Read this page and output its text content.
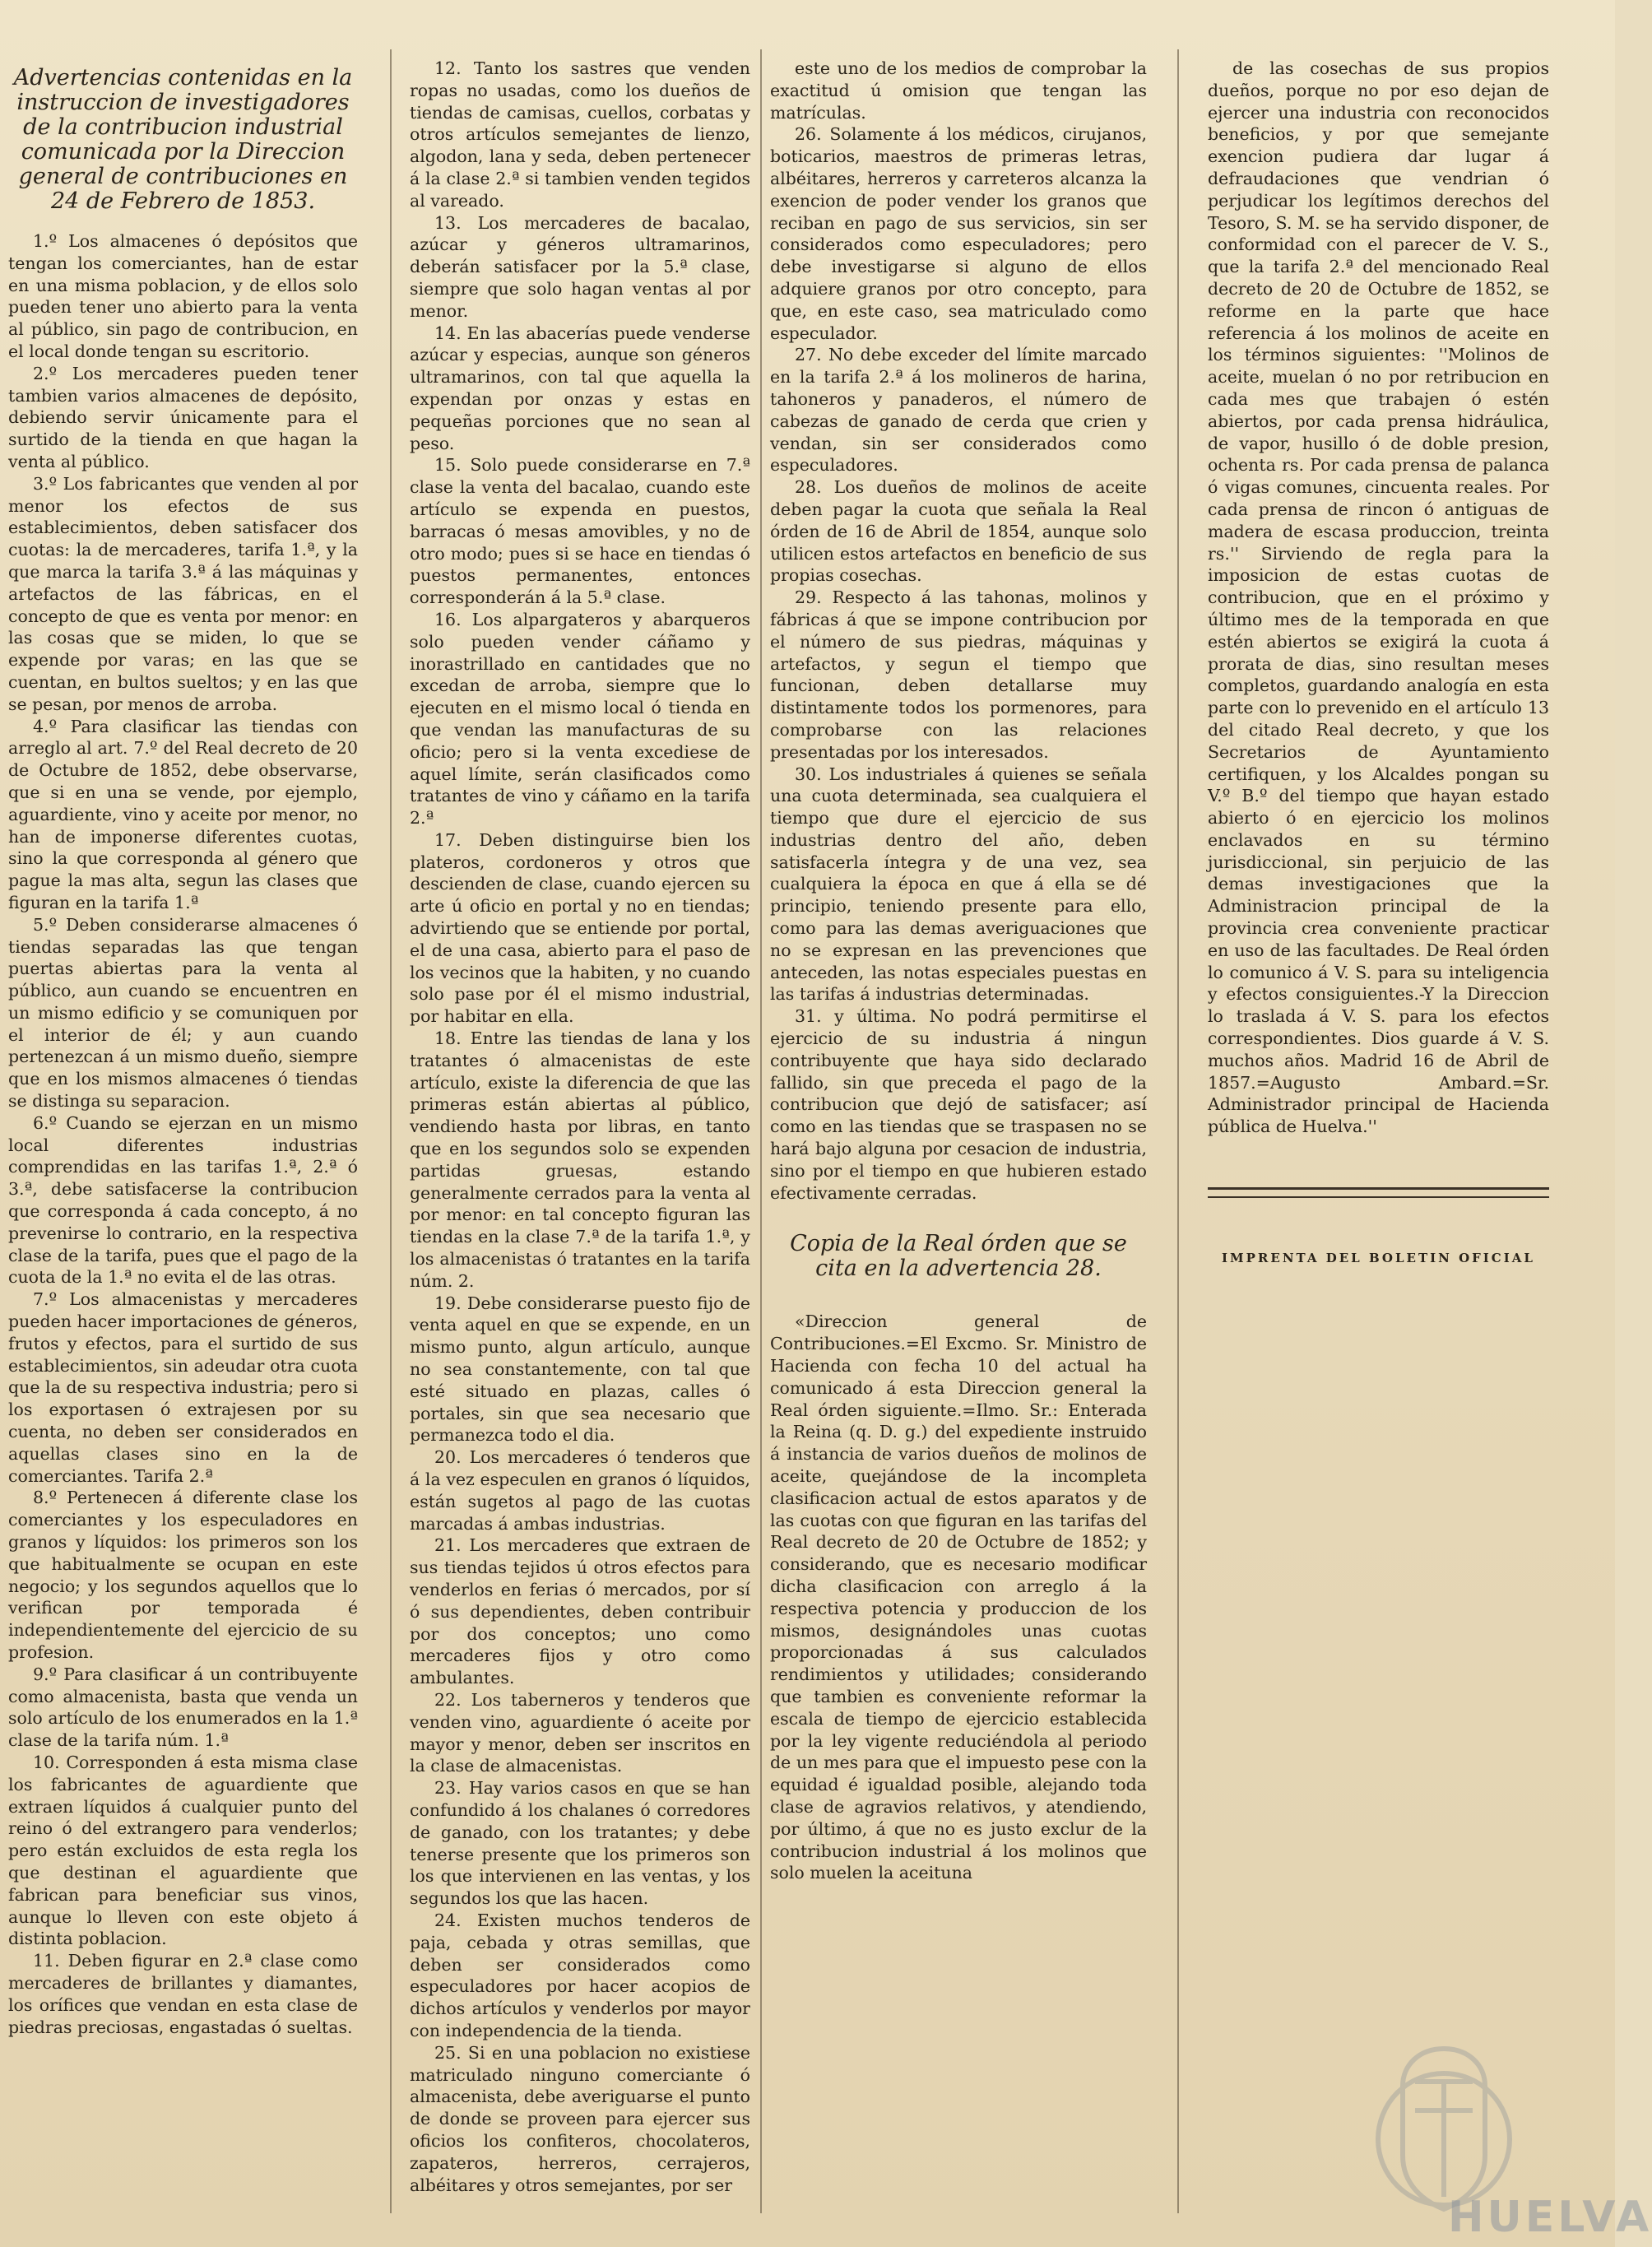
Advertencias contenidas en la instruccion de investigadores de la contribucion industrial comunicada por la Direccion general de contribuciones en 24 de Febrero de 1853.

1.º Los almacenes ó depósitos que tengan los comerciantes, han de estar en una misma poblacion, y de ellos solo pueden tener uno abierto para la venta al público, sin pago de contribucion, en el local donde tengan su escritorio.

2.º Los mercaderes pueden tener tambien varios almacenes de depósito, debiendo servir únicamente para el surtido de la tienda en que hagan la venta al público.

3.º Los fabricantes que venden al por menor los efectos de sus establecimientos, deben satisfacer dos cuotas: la de mercaderes, tarifa 1.ª, y la que marca la tarifa 3.ª á las máquinas y artefactos de las fábricas, en el concepto de que es venta por menor: en las cosas que se miden, lo que se expende por varas; en las que se cuentan, en bultos sueltos; y en las que se pesan, por menos de arroba.

4.º Para clasificar las tiendas con arreglo al art. 7.º del Real decreto de 20 de Octubre de 1852, debe observarse, que si en una se vende, por ejemplo, aguardiente, vino y aceite por menor, no han de imponerse diferentes cuotas, sino la que corresponda al género que pague la mas alta, segun las clases que figuran en la tarifa 1.ª

5.º Deben considerarse almacenes ó tiendas separadas las que tengan puertas abiertas para la venta al público, aun cuando se encuentren en un mismo edificio y se comuniquen por el interior de él; y aun cuando pertenezcan á un mismo dueño, siempre que en los mismos almacenes ó tiendas se distinga su separacion.

6.º Cuando se ejerzan en un mismo local diferentes industrias comprendidas en las tarifas 1.ª, 2.ª ó 3.ª, debe satisfacerse la contribucion que corresponda á cada concepto, á no prevenirse lo contrario, en la respectiva clase de la tarifa, pues que el pago de la cuota de la 1.ª no evita el de las otras.

7.º Los almacenistas y mercaderes pueden hacer importaciones de géneros, frutos y efectos, para el surtido de sus establecimientos, sin adeudar otra cuota que la de su respectiva industria; pero si los exportasen ó extrajesen por su cuenta, no deben ser considerados en aquellas clases sino en la de comerciantes. Tarifa 2.ª

8.º Pertenecen á diferente clase los comerciantes y los especuladores en granos y líquidos: los primeros son los que habitualmente se ocupan en este negocio; y los segundos aquellos que lo verifican por temporada é independientemente del ejercicio de su profesion.

9.º Para clasificar á un contribuyente como almacenista, basta que venda un solo artículo de los enumerados en la 1.ª clase de la tarifa núm. 1.ª

10. Corresponden á esta misma clase los fabricantes de aguardiente que extraen líquidos á cualquier punto del reino ó del extrangero para venderlos; pero están excluidos de esta regla los que destinan el aguardiente que fabrican para beneficiar sus vinos, aunque lo lleven con este objeto á distinta poblacion.

11. Deben figurar en 2.ª clase como mercaderes de brillantes y diamantes, los orífices que vendan en esta clase de piedras preciosas, engastadas ó sueltas.

12. Tanto los sastres que venden ropas no usadas, como los dueños de tiendas de camisas, cuellos, corbatas y otros artículos semejantes de lienzo, algodon, lana y seda, deben pertenecer á la clase 2.ª si tambien venden tegidos al vareado.

13. Los mercaderes de bacalao, azúcar y géneros ultramarinos, deberán satisfacer por la 5.ª clase, siempre que solo hagan ventas al por menor.

14. En las abacerías puede venderse azúcar y especias, aunque son géneros ultramarinos, con tal que aquella la expendan por onzas y estas en pequeñas porciones que no sean al peso.

15. Solo puede considerarse en 7.ª clase la venta del bacalao, cuando este artículo se expenda en puestos, barracas ó mesas amovibles, y no de otro modo; pues si se hace en tiendas ó puestos permanentes, entonces corresponderán á la 5.ª clase.

16. Los alpargateros y abarqueros solo pueden vender cáñamo y inorastrillado en cantidades que no excedan de arroba, siempre que lo ejecuten en el mismo local ó tienda en que vendan las manufacturas de su oficio; pero si la venta excediese de aquel límite, serán clasificados como tratantes de vino y cáñamo en la tarifa 2.ª

17. Deben distinguirse bien los plateros, cordoneros y otros que descienden de clase, cuando ejercen su arte ú oficio en portal y no en tiendas; advirtiendo que se entiende por portal, el de una casa, abierto para el paso de los vecinos que la habiten, y no cuando solo pase por él el mismo industrial, por habitar en ella.

18. Entre las tiendas de lana y los tratantes ó almacenistas de este artículo, existe la diferencia de que las primeras están abiertas al público, vendiendo hasta por libras, en tanto que en los segundos solo se expenden partidas gruesas, estando generalmente cerrados para la venta al por menor: en tal concepto figuran las tiendas en la clase 7.ª de la tarifa 1.ª, y los almacenistas ó tratantes en la tarifa núm. 2.

19. Debe considerarse puesto fijo de venta aquel en que se expende, en un mismo punto, algun artículo, aunque no sea constantemente, con tal que esté situado en plazas, calles ó portales, sin que sea necesario que permanezca todo el dia.

20. Los mercaderes ó tenderos que á la vez especulen en granos ó líquidos, están sugetos al pago de las cuotas marcadas á ambas industrias.

21. Los mercaderes que extraen de sus tiendas tejidos ú otros efectos para venderlos en ferias ó mercados, por sí ó sus dependientes, deben contribuir por dos conceptos; uno como mercaderes fijos y otro como ambulantes.

22. Los taberneros y tenderos que venden vino, aguardiente ó aceite por mayor y menor, deben ser inscritos en la clase de almacenistas.

23. Hay varios casos en que se han confundido á los chalanes ó corredores de ganado, con los tratantes; y debe tenerse presente que los primeros son los que intervienen en las ventas, y los segundos los que las hacen.

24. Existen muchos tenderos de paja, cebada y otras semillas, que deben ser considerados como especuladores por hacer acopios de dichos artículos y venderlos por mayor con independencia de la tienda.

25. Si en una poblacion no existiese matriculado ninguno comerciante ó almacenista, debe averiguarse el punto de donde se proveen para ejercer sus oficios los confiteros, chocolateros, zapateros, herreros, cerrajeros, albéitares y otros semejantes, por ser

este uno de los medios de comprobar la exactitud ú omision que tengan las matrículas.

26. Solamente á los médicos, cirujanos, boticarios, maestros de primeras letras, albéitares, herreros y carreteros alcanza la exencion de poder vender los granos que reciban en pago de sus servicios, sin ser considerados como especuladores; pero debe investigarse si alguno de ellos adquiere granos por otro concepto, para que, en este caso, sea matriculado como especulador.

27. No debe exceder del límite marcado en la tarifa 2.ª á los molineros de harina, tahoneros y panaderos, el número de cabezas de ganado de cerda que crien y vendan, sin ser considerados como especuladores.

28. Los dueños de molinos de aceite deben pagar la cuota que señala la Real órden de 16 de Abril de 1854, aunque solo utilicen estos artefactos en beneficio de sus propias cosechas.

29. Respecto á las tahonas, molinos y fábricas á que se impone contribucion por el número de sus piedras, máquinas y artefactos, y segun el tiempo que funcionan, deben detallarse muy distintamente todos los pormenores, para comprobarse con las relaciones presentadas por los interesados.

30. Los industriales á quienes se señala una cuota determinada, sea cualquiera el tiempo que dure el ejercicio de sus industrias dentro del año, deben satisfacerla íntegra y de una vez, sea cualquiera la época en que á ella se dé principio, teniendo presente para ello, como para las demas averiguaciones que no se expresan en las prevenciones que anteceden, las notas especiales puestas en las tarifas á industrias determinadas.

31. y última. No podrá permitirse el ejercicio de su industria á ningun contribuyente que haya sido declarado fallido, sin que preceda el pago de la contribucion que dejó de satisfacer; así como en las tiendas que se traspasen no se hará bajo alguna por cesacion de industria, sino por el tiempo en que hubieren estado efectivamente cerradas.

Copia de la Real órden que se cita en la advertencia 28.

«Direccion general de Contribuciones.=El Excmo. Sr. Ministro de Hacienda con fecha 10 del actual ha comunicado á esta Direccion general la Real órden siguiente.=Ilmo. Sr.: Enterada la Reina (q. D. g.) del expediente instruido á instancia de varios dueños de molinos de aceite, quejándose de la incompleta clasificacion actual de estos aparatos y de las cuotas con que figuran en las tarifas del Real decreto de 20 de Octubre de 1852; y considerando, que es necesario modificar dicha clasificacion con arreglo á la respectiva potencia y produccion de los mismos, designándoles unas cuotas proporcionadas á sus calculados rendimientos y utilidades; considerando que tambien es conveniente reformar la escala de tiempo de ejercicio establecida por la ley vigente reduciéndola al periodo de un mes para que el impuesto pese con la equidad é igualdad posible, alejando toda clase de agravios relativos, y atendiendo, por último, á que no es justo exclur de la contribucion industrial á los molinos que solo muelen la aceituna

de las cosechas de sus propios dueños, porque no por eso dejan de ejercer una industria con reconocidos beneficios, y por que semejante exencion pudiera dar lugar á defraudaciones que vendrian ó perjudicar los legítimos derechos del Tesoro, S. M. se ha servido disponer, de conformidad con el parecer de V. S., que la tarifa 2.ª del mencionado Real decreto de 20 de Octubre de 1852, se reforme en la parte que hace referencia á los molinos de aceite en los términos siguientes: ''Molinos de aceite, muelan ó no por retribucion en cada mes que trabajen ó estén abiertos, por cada prensa hidráulica, de vapor, husillo ó de doble presion, ochenta rs. Por cada prensa de palanca ó vigas comunes, cincuenta reales. Por cada prensa de rincon ó antiguas de madera de escasa produccion, treinta rs.'' Sirviendo de regla para la imposicion de estas cuotas de contribucion, que en el próximo y último mes de la temporada en que estén abiertos se exigirá la cuota á prorata de dias, sino resultan meses completos, guardando analogía en esta parte con lo prevenido en el artículo 13 del citado Real decreto, y que los Secretarios de Ayuntamiento certifiquen, y los Alcaldes pongan su V.º B.º del tiempo que hayan estado abierto ó en ejercicio los molinos enclavados en su término jurisdiccional, sin perjuicio de las demas investigaciones que la Administracion principal de la provincia crea conveniente practicar en uso de las facultades. De Real órden lo comunico á V. S. para su inteligencia y efectos consiguientes.-Y la Direccion lo traslada á V. S. para los efectos correspondientes. Dios guarde á V. S. muchos años. Madrid 16 de Abril de 1857.=Augusto Ambard.=Sr. Administrador principal de Hacienda pública de Huelva.''

IMPRENTA DEL BOLETIN OFICIAL

HUELVA
